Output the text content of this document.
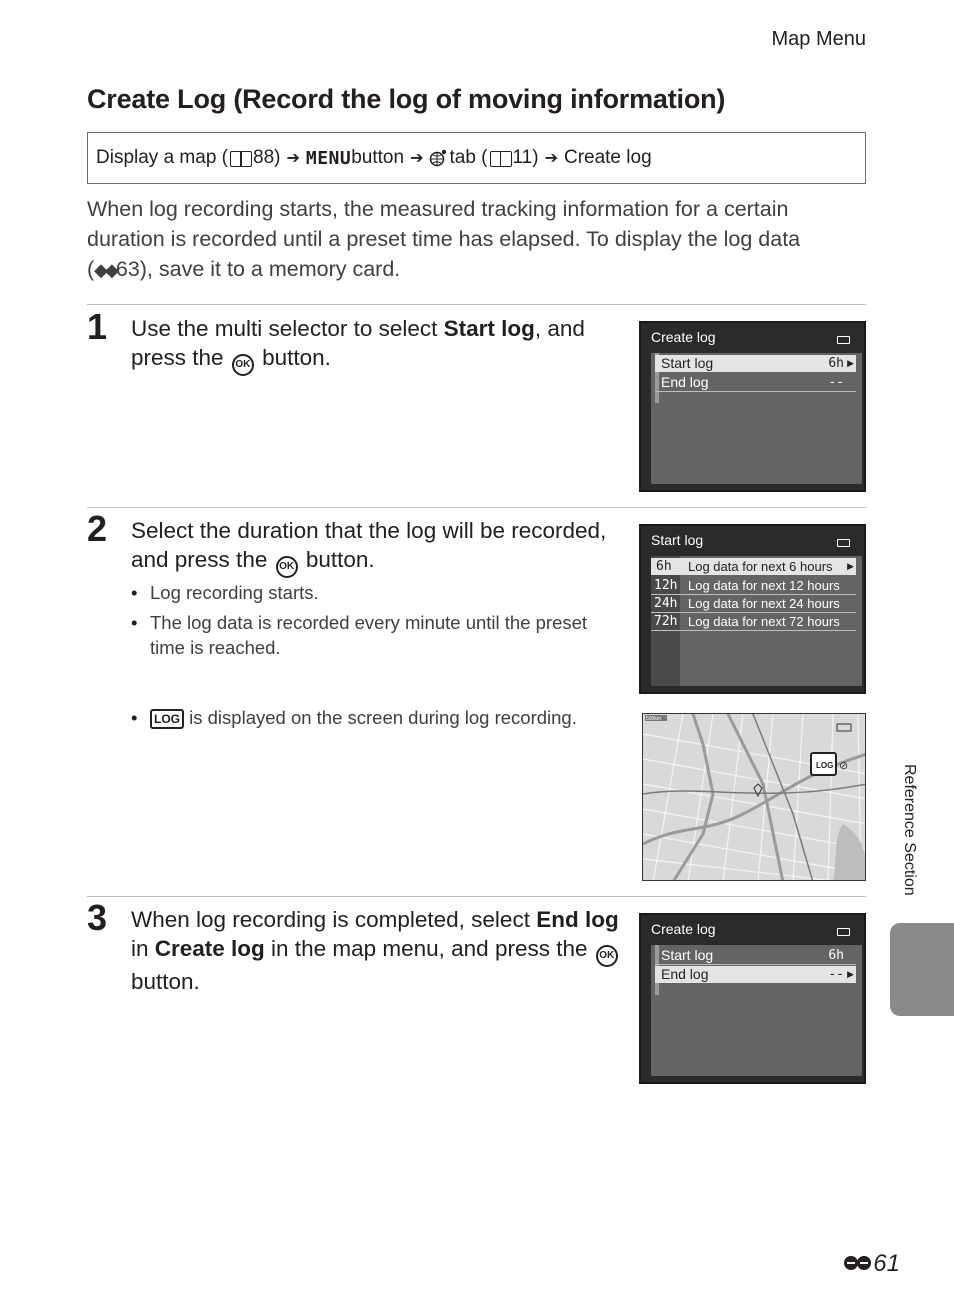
Map Menu
Create Log (Record the log of moving information)
Display a map ( 88 ) ➔ MENU button ➔ tab ( 11 ) ➔ Create log
When log recording starts, the measured tracking information for a certain duration is recorded until a preset time has elapsed. To display the log data (◆◆63), save it to a memory card.
1 Use the multi selector to select Start log, and press the OK button.
Create log
Start log	6h ▶
End log	--
2 Select the duration that the log will be recorded, and press the OK button.
• Log recording starts.
• The log data is recorded every minute until the preset time is reached.
• LOG is displayed on the screen during log recording.
Start log
6h Log data for next 6 hours ▶
12h Log data for next 12 hours
24h Log data for next 24 hours
72h Log data for next 72 hours
500km
LOG ⊘
3 When log recording is completed, select End log in Create log in the map menu, and press the OK button.
Create log
Start log	6h
End log	-- ▶
Reference Section
61
